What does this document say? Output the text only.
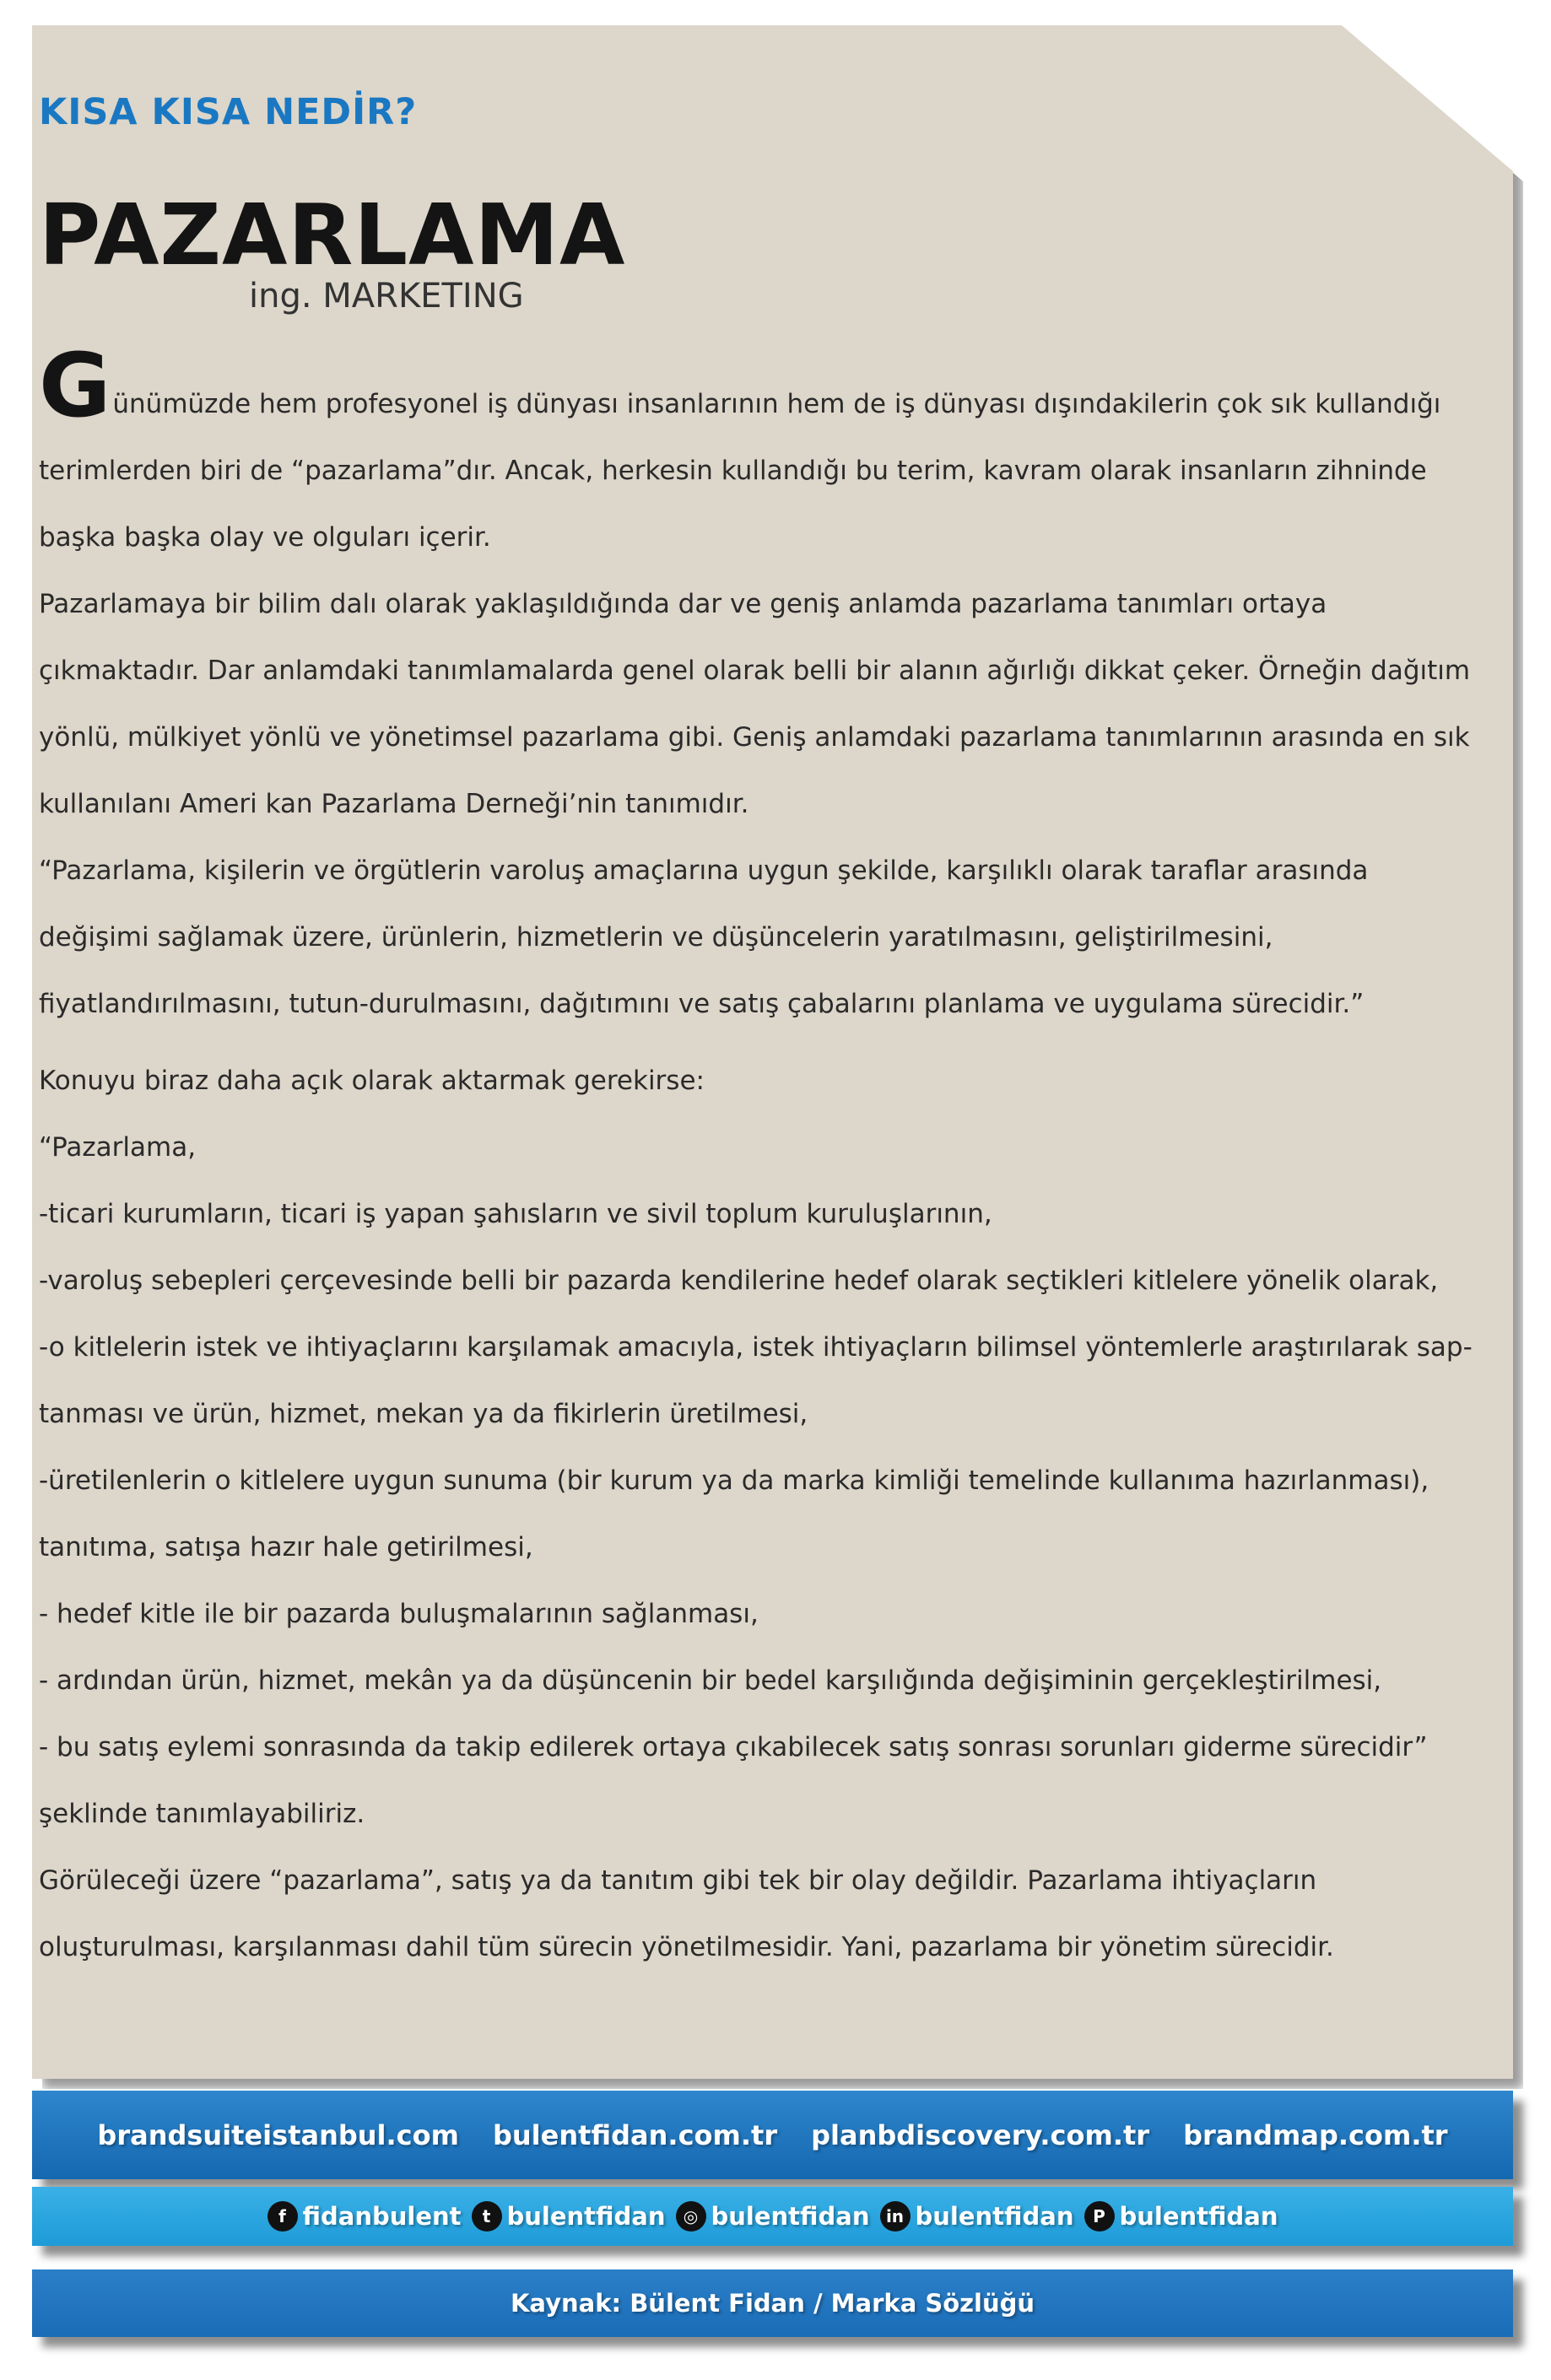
KISA KISA NEDİR?
PAZARLAMA
ing. MARKETING

Günümüzde hem profesyonel iş dünyası insanlarının hem de iş dünyası dışındakilerin çok sık kullandığı terimlerden biri de “pazarlama”dır. Ancak, herkesin kullandığı bu terim, kavram olarak insanların zihninde başka başka olay ve olguları içerir.

Pazarlamaya bir bilim dalı olarak yaklaşıldığında dar ve geniş anlamda pazarlama tanımları ortaya çıkmaktadır. Dar anlamdaki tanımlamalarda genel olarak belli bir alanın ağırlığı dikkat çeker. Örneğin dağıtım yönlü, mülkiyet yönlü ve yönetimsel pazarlama gibi. Geniş anlamdaki pazarlama tanımlarının arasında en sık kullanılanı Ameri kan Pazarlama Derneği’nin tanımıdır.

“Pazarlama, kişilerin ve örgütlerin varoluş amaçlarına uygun şekilde, karşılıklı olarak taraflar arasında değişimi sağlamak üzere, ürünlerin, hizmetlerin ve düşüncelerin yaratılmasını, geliştirilmesini, fiyatlandırılmasını, tutun-durulmasını, dağıtımını ve satış çabalarını planlama ve uygulama sürecidir.”

Konuyu biraz daha açık olarak aktarmak gerekirse:

“Pazarlama,

-ticari kurumların, ticari iş yapan şahısların ve sivil toplum kuruluşlarının,

-varoluş sebepleri çerçevesinde belli bir pazarda kendilerine hedef olarak seçtikleri kitlelere yönelik olarak,

-o kitlelerin istek ve ihtiyaçlarını karşılamak amacıyla, istek ihtiyaçların bilimsel yöntemlerle araştırılarak sap-tanması ve ürün, hizmet, mekan ya da fikirlerin üretilmesi,

-üretilenlerin o kitlelere uygun sunuma (bir kurum ya da marka kimliği temelinde kullanıma hazırlanması), tanıtıma, satışa hazır hale getirilmesi,

- hedef kitle ile bir pazarda buluşmalarının sağlanması,

- ardından ürün, hizmet, mekân ya da düşüncenin bir bedel karşılığında değişiminin gerçekleştirilmesi,

- bu satış eylemi sonrasında da takip edilerek ortaya çıkabilecek satış sonrası sorunları giderme sürecidir”

şeklinde tanımlayabiliriz.

Görüleceği üzere “pazarlama”, satış ya da tanıtım gibi tek bir olay değildir. Pazarlama ihtiyaçların oluşturulması, karşılanması dahil tüm sürecin yönetilmesidir. Yani, pazarlama bir yönetim sürecidir.

brandsuiteistanbul.com bulentfidan.com.tr planbdiscovery.com.tr brandmap.com.tr
f fidanbulent	t bulentfidan	◎ bulentfidan in bulentfidan	P bulentfidan
Kaynak: Bülent Fidan / Marka Sözlüğü
